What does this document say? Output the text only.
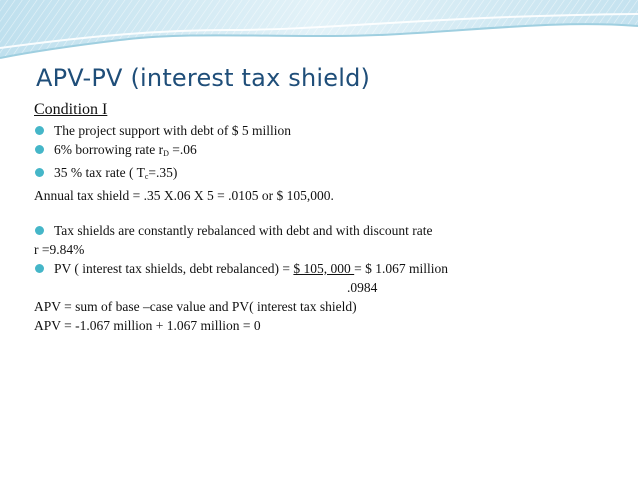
APV-PV (interest tax shield)
Condition I
The project support with debt of $ 5 million
6% borrowing rate $r_D =.06$
35 % tax rate ( $T_c=.35$)
Annual tax shield = .35 X.06 X 5 = .0105 or $ 105,000.
Tax shields are constantly rebalanced with debt and with discount rate
r =9.84%
PV ( interest tax shields, debt rebalanced) = $ 105, 000 = $ 1.067 million
.0984
APV = sum of base –case value and PV( interest tax shield)
APV = -1.067 million + 1.067 million = 0
